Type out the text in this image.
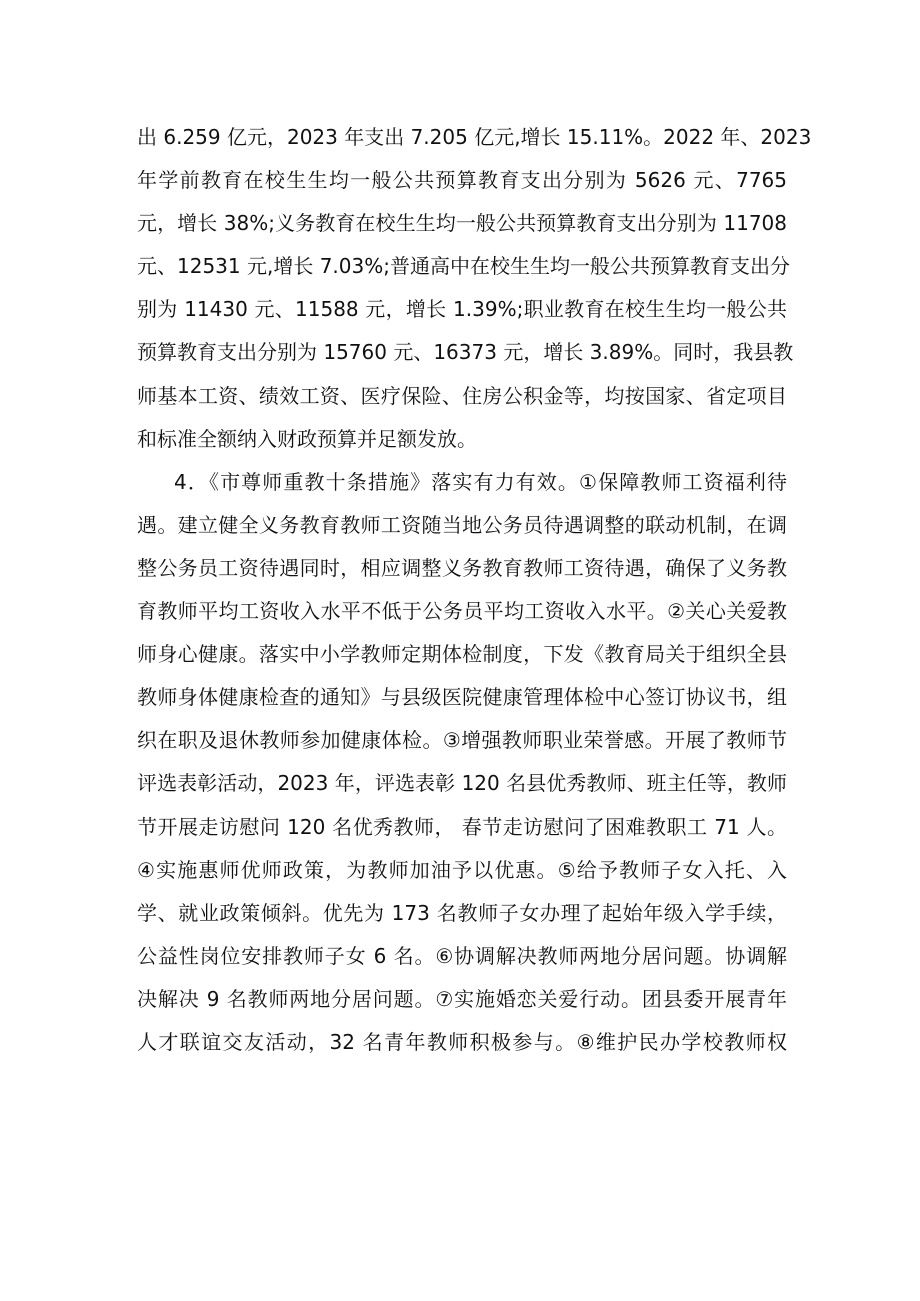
出 6.259 亿元，2023 年支出 7.205 亿元,增长 15.11%。2022 年、2023
年学前教育在校生生均一般公共预算教育支出分别为 5626 元、7765
元，增长 38%;义务教育在校生生均一般公共预算教育支出分别为 11708
元、12531 元,增长 7.03%;普通高中在校生生均一般公共预算教育支出分
别为 11430 元、11588 元，增长 1.39%;职业教育在校生生均一般公共
预算教育支出分别为 15760 元、16373 元，增长 3.89%。同时，我县教
师基本工资、绩效工资、医疗保险、住房公积金等，均按国家、省定项目
和标准全额纳入财政预算并足额发放。
4．《市尊师重教十条措施》落实有力有效。①保障教师工资福利待
遇。建立健全义务教育教师工资随当地公务员待遇调整的联动机制，在调
整公务员工资待遇同时，相应调整义务教育教师工资待遇，确保了义务教
育教师平均工资收入水平不低于公务员平均工资收入水平。②关心关爱教
师身心健康。落实中小学教师定期体检制度，下发《教育局关于组织全县
教师身体健康检查的通知》与县级医院健康管理体检中心签订协议书，组
织在职及退休教师参加健康体检。③增强教师职业荣誉感。开展了教师节
评选表彰活动，2023 年，评选表彰 120 名县优秀教师、班主任等，教师
节开展走访慰问 120 名优秀教师， 春节走访慰问了困难教职工 71 人。
④实施惠师优师政策，为教师加油予以优惠。⑤给予教师子女入托、入
学、就业政策倾斜。优先为 173 名教师子女办理了起始年级入学手续，
公益性岗位安排教师子女 6 名。⑥协调解决教师两地分居问题。协调解
决解决 9 名教师两地分居问题。⑦实施婚恋关爱行动。团县委开展青年
人才联谊交友活动，32 名青年教师积极参与。⑧维护民办学校教师权
